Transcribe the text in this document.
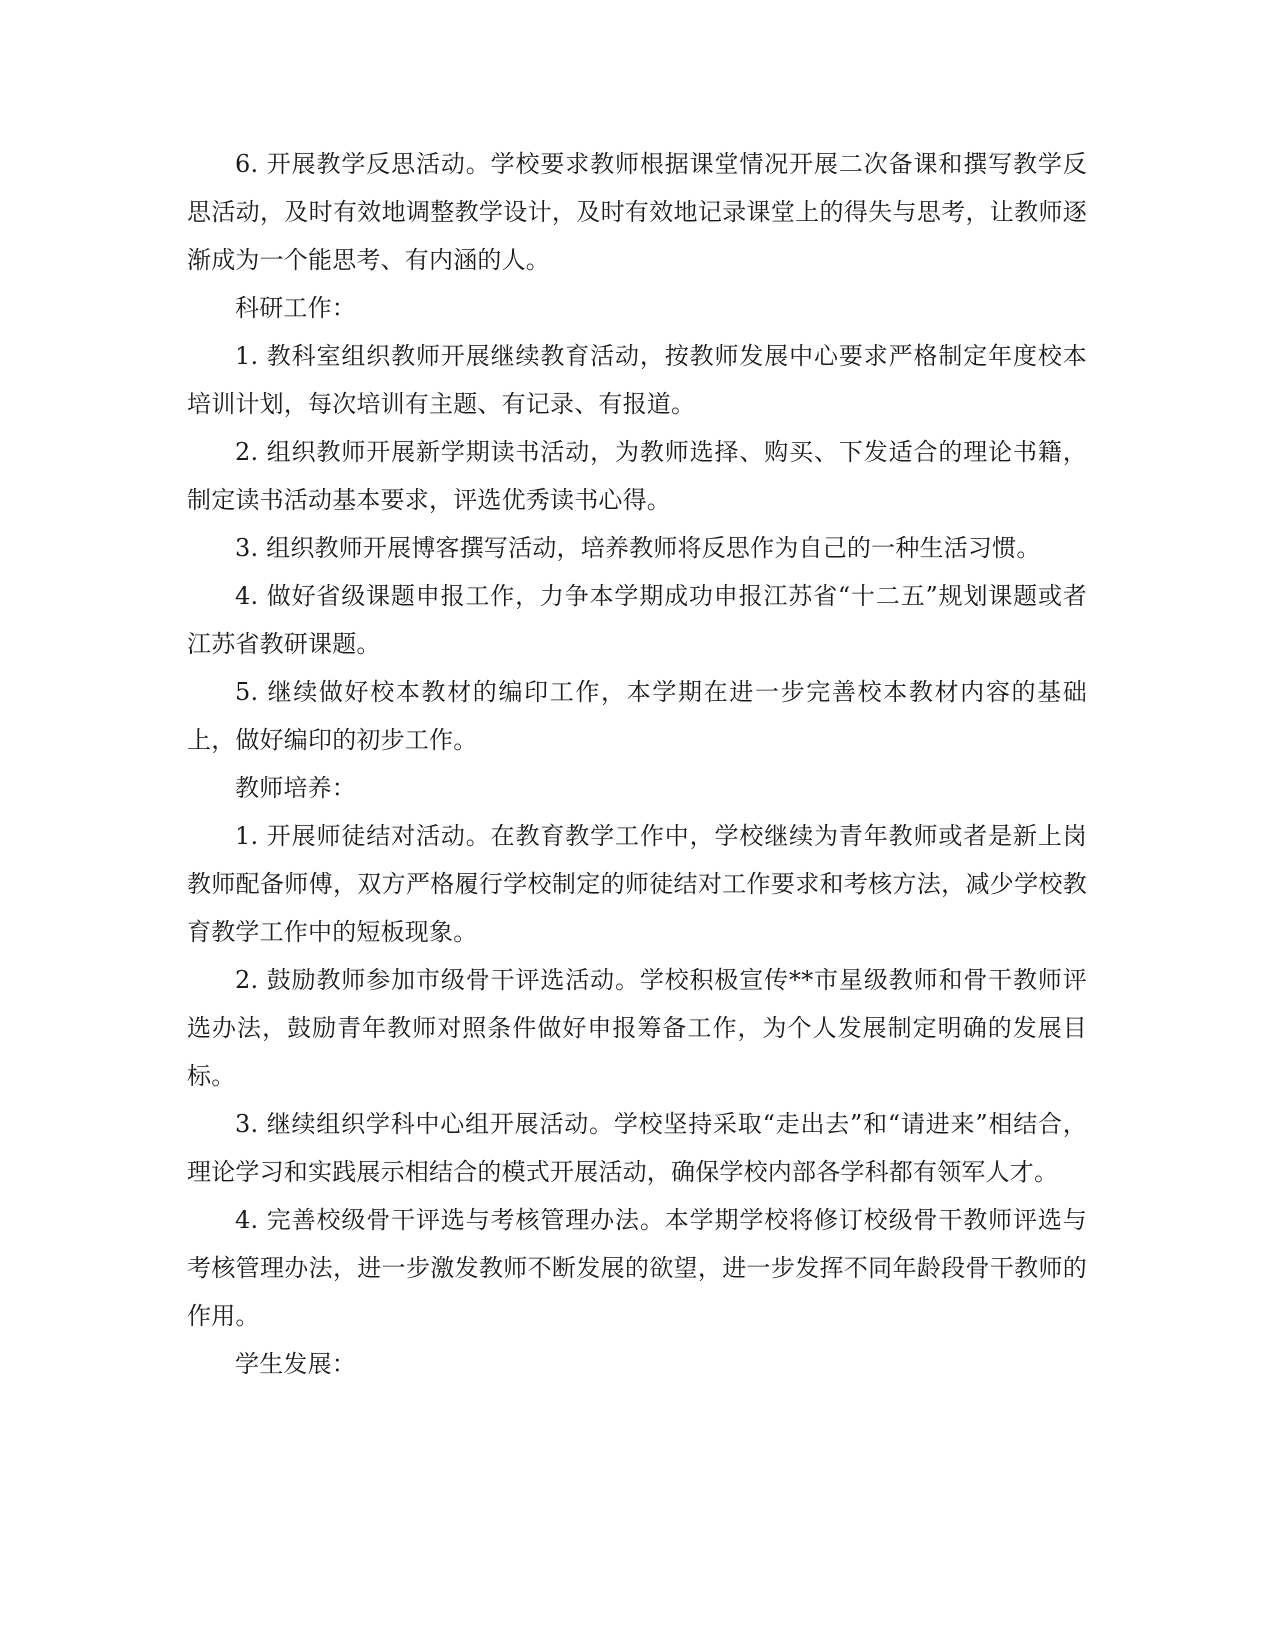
6. 开展教学反思活动。学校要求教师根据课堂情况开展二次备课和撰写教学反思活动，及时有效地调整教学设计，及时有效地记录课堂上的得失与思考，让教师逐渐成为一个能思考、有内涵的人。

科研工作：

1. 教科室组织教师开展继续教育活动，按教师发展中心要求严格制定年度校本培训计划，每次培训有主题、有记录、有报道。

2. 组织教师开展新学期读书活动，为教师选择、购买、下发适合的理论书籍，制定读书活动基本要求，评选优秀读书心得。

3. 组织教师开展博客撰写活动，培养教师将反思作为自己的一种生活习惯。

4. 做好省级课题申报工作，力争本学期成功申报江苏省“十二五”规划课题或者江苏省教研课题。

5. 继续做好校本教材的编印工作，本学期在进一步完善校本教材内容的基础上，做好编印的初步工作。

教师培养：

1. 开展师徒结对活动。在教育教学工作中，学校继续为青年教师或者是新上岗教师配备师傅，双方严格履行学校制定的师徒结对工作要求和考核方法，减少学校教育教学工作中的短板现象。

2. 鼓励教师参加市级骨干评选活动。学校积极宣传**市星级教师和骨干教师评选办法，鼓励青年教师对照条件做好申报筹备工作，为个人发展制定明确的发展目标。

3. 继续组织学科中心组开展活动。学校坚持采取“走出去”和“请进来”相结合，理论学习和实践展示相结合的模式开展活动，确保学校内部各学科都有领军人才。

4. 完善校级骨干评选与考核管理办法。本学期学校将修订校级骨干教师评选与考核管理办法，进一步激发教师不断发展的欲望，进一步发挥不同年龄段骨干教师的作用。

学生发展：
